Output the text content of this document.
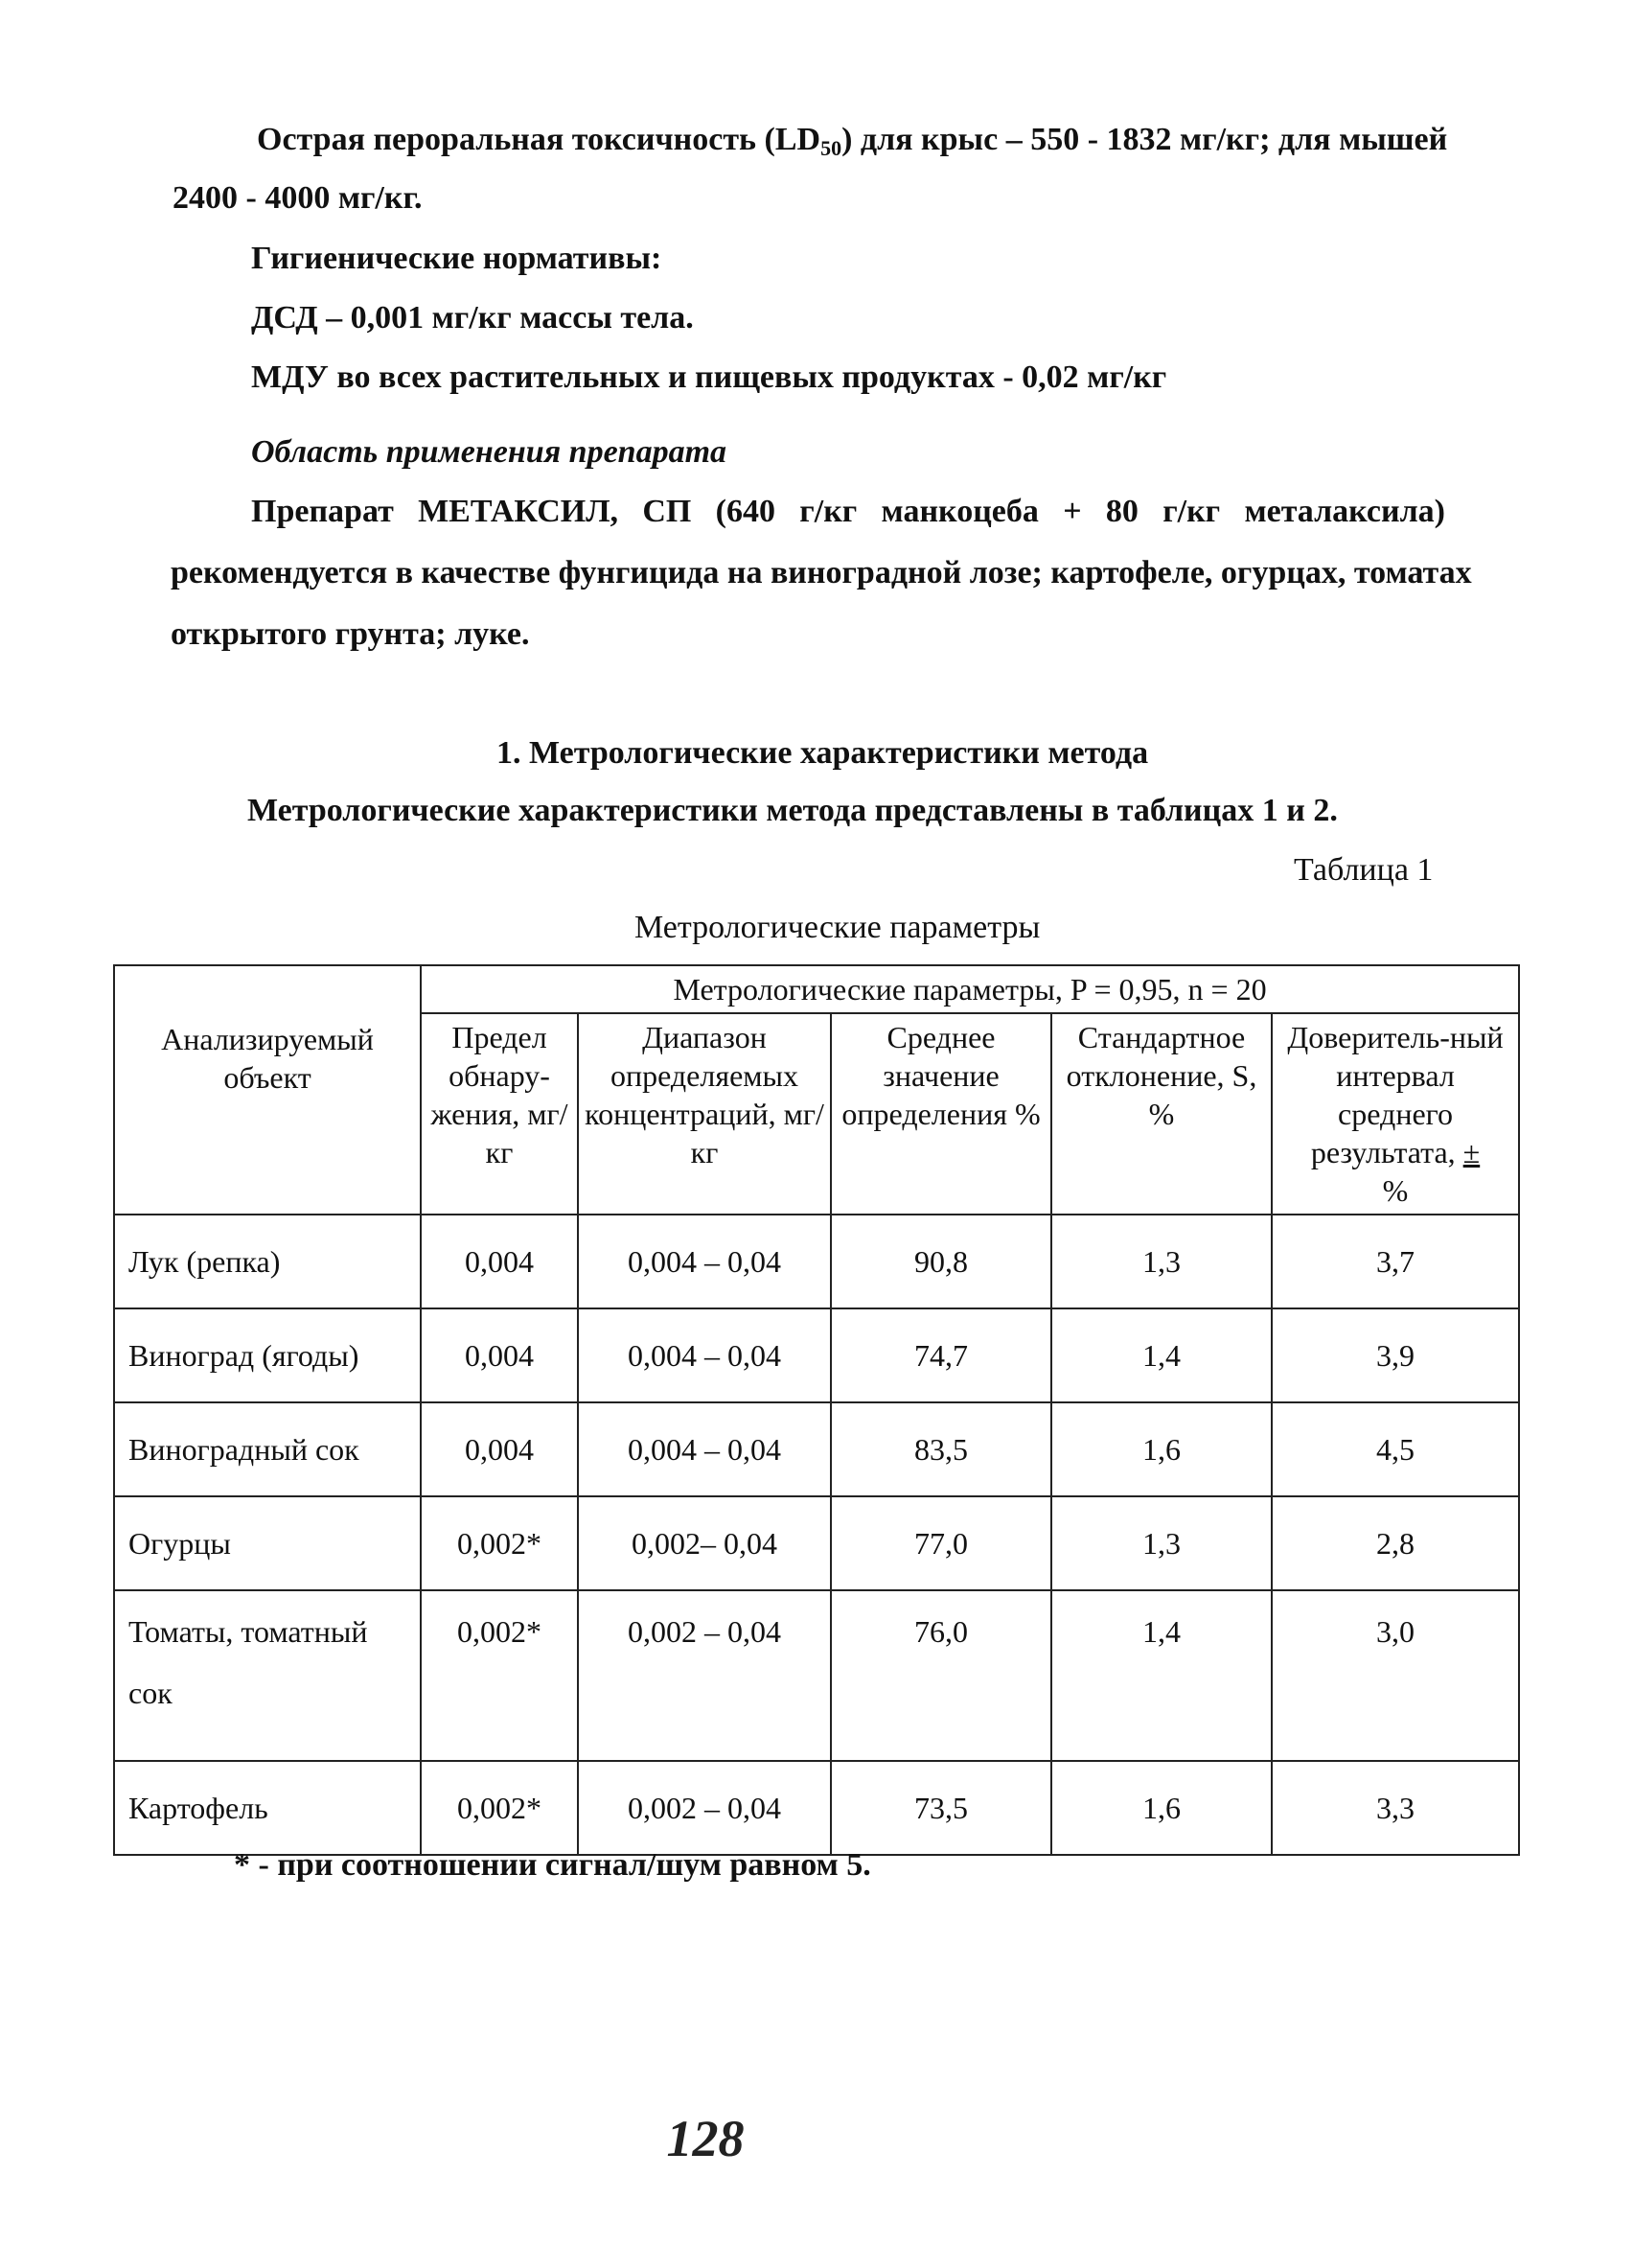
Острая пероральная токсичность $(LD_{50})$ для крыс – 550 - 1832 мг/кг; для мышей
2400 - 4000 мг/кг.
Гигиенические нормативы:
ДСД – 0,001 мг/кг массы тела.
МДУ во всех растительных и пищевых продуктах - 0,02 мг/кг
Область применения препарата
Препарат МЕТАКСИЛ, СП (640 г/кг манкоцеба + 80 г/кг металаксила)
рекомендуется в качестве фунгицида на виноградной лозе; картофеле, огурцах, томатах
открытого грунта; луке.
1. Метрологические характеристики метода
Метрологические характеристики метода представлены в таблицах 1 и 2.
Таблица 1
Метрологические параметры
Анализируемый объект	Метрологические параметры, P = 0,95, n = 20				
	Предел обнару-жения, мг/кг	Диапазон определяемых концентраций, мг/кг	Среднее значение определения %	Стандартное отклонение, S, %	Доверитель-ный интервал среднего результата, ±
%
Лук (репка)	0,004	0,004 – 0,04	90,8	1,3	3,7
Виноград (ягоды)	0,004	0,004 – 0,04	74,7	1,4	3,9
Виноградный сок	0,004	0,004 – 0,04	83,5	1,6	4,5
Огурцы	0,002*	0,002– 0,04	77,0	1,3	2,8
Томаты, томатный сок	0,002*	0,002 – 0,04	76,0	1,4	3,0
Картофель	0,002*	0,002 – 0,04	73,5	1,6	3,3
* - при соотношении сигнал/шум равном 5.
128
